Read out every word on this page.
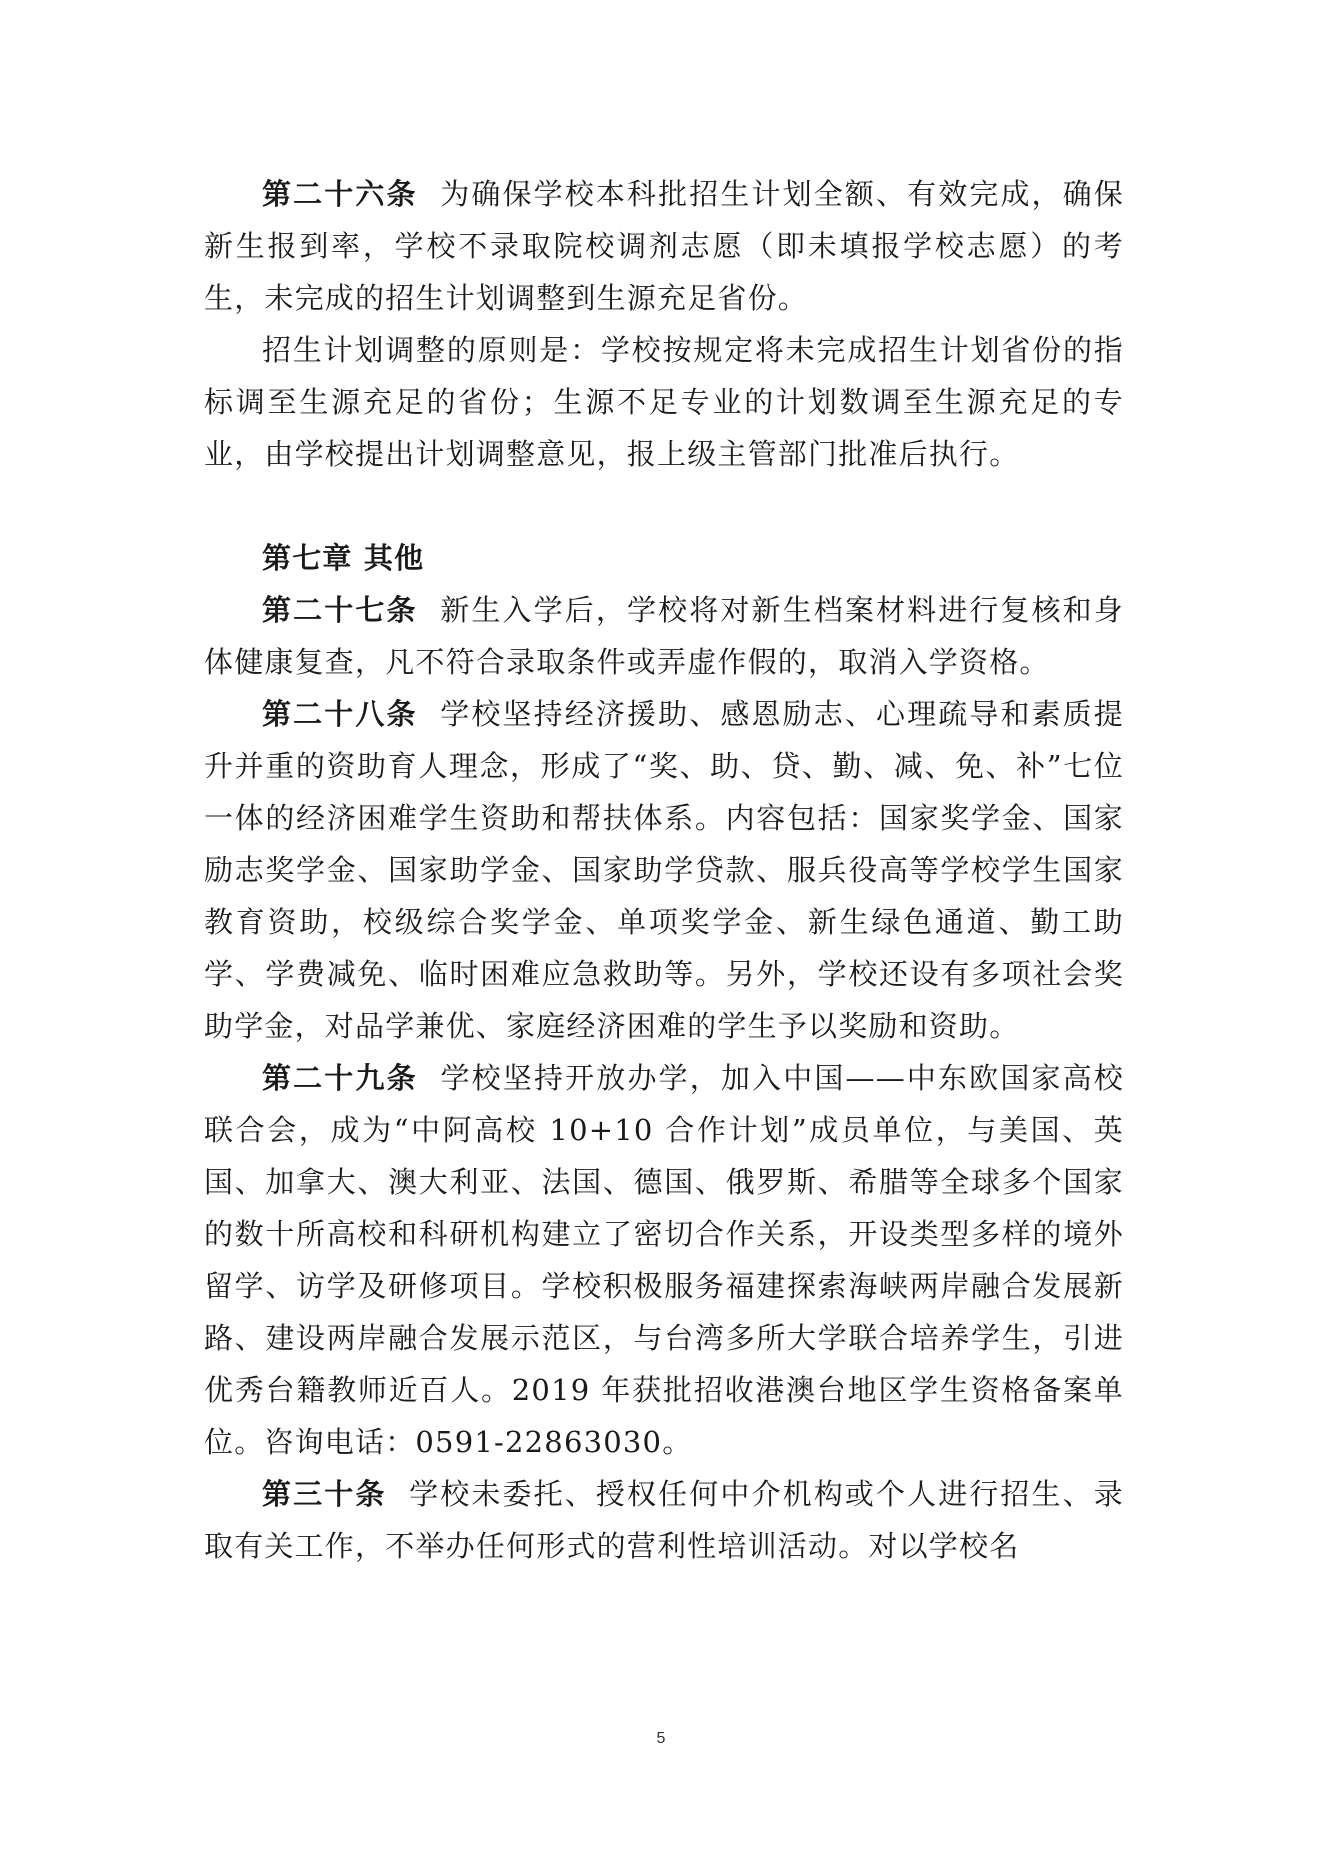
第二十六条 为确保学校本科批招生计划全额、有效完成，确保新生报到率，学校不录取院校调剂志愿（即未填报学校志愿）的考生，未完成的招生计划调整到生源充足省份。

招生计划调整的原则是：学校按规定将未完成招生计划省份的指标调至生源充足的省份；生源不足专业的计划数调至生源充足的专业，由学校提出计划调整意见，报上级主管部门批准后执行。

第七章 其他

第二十七条 新生入学后，学校将对新生档案材料进行复核和身体健康复查，凡不符合录取条件或弄虚作假的，取消入学资格。

第二十八条 学校坚持经济援助、感恩励志、心理疏导和素质提升并重的资助育人理念，形成了“奖、助、贷、勤、减、免、补”七位一体的经济困难学生资助和帮扶体系。内容包括：国家奖学金、国家励志奖学金、国家助学金、国家助学贷款、服兵役高等学校学生国家教育资助，校级综合奖学金、单项奖学金、新生绿色通道、勤工助学、学费减免、临时困难应急救助等。另外，学校还设有多项社会奖助学金，对品学兼优、家庭经济困难的学生予以奖励和资助。

第二十九条 学校坚持开放办学，加入中国——中东欧国家高校联合会，成为“中阿高校 10+10 合作计划”成员单位，与美国、英国、加拿大、澳大利亚、法国、德国、俄罗斯、希腊等全球多个国家的数十所高校和科研机构建立了密切合作关系，开设类型多样的境外留学、访学及研修项目。学校积极服务福建探索海峡两岸融合发展新路、建设两岸融合发展示范区，与台湾多所大学联合培养学生，引进优秀台籍教师近百人。2019 年获批招收港澳台地区学生资格备案单位。咨询电话：0591-22863030。

第三十条 学校未委托、授权任何中介机构或个人进行招生、录取有关工作，不举办任何形式的营利性培训活动。对以学校名

5
